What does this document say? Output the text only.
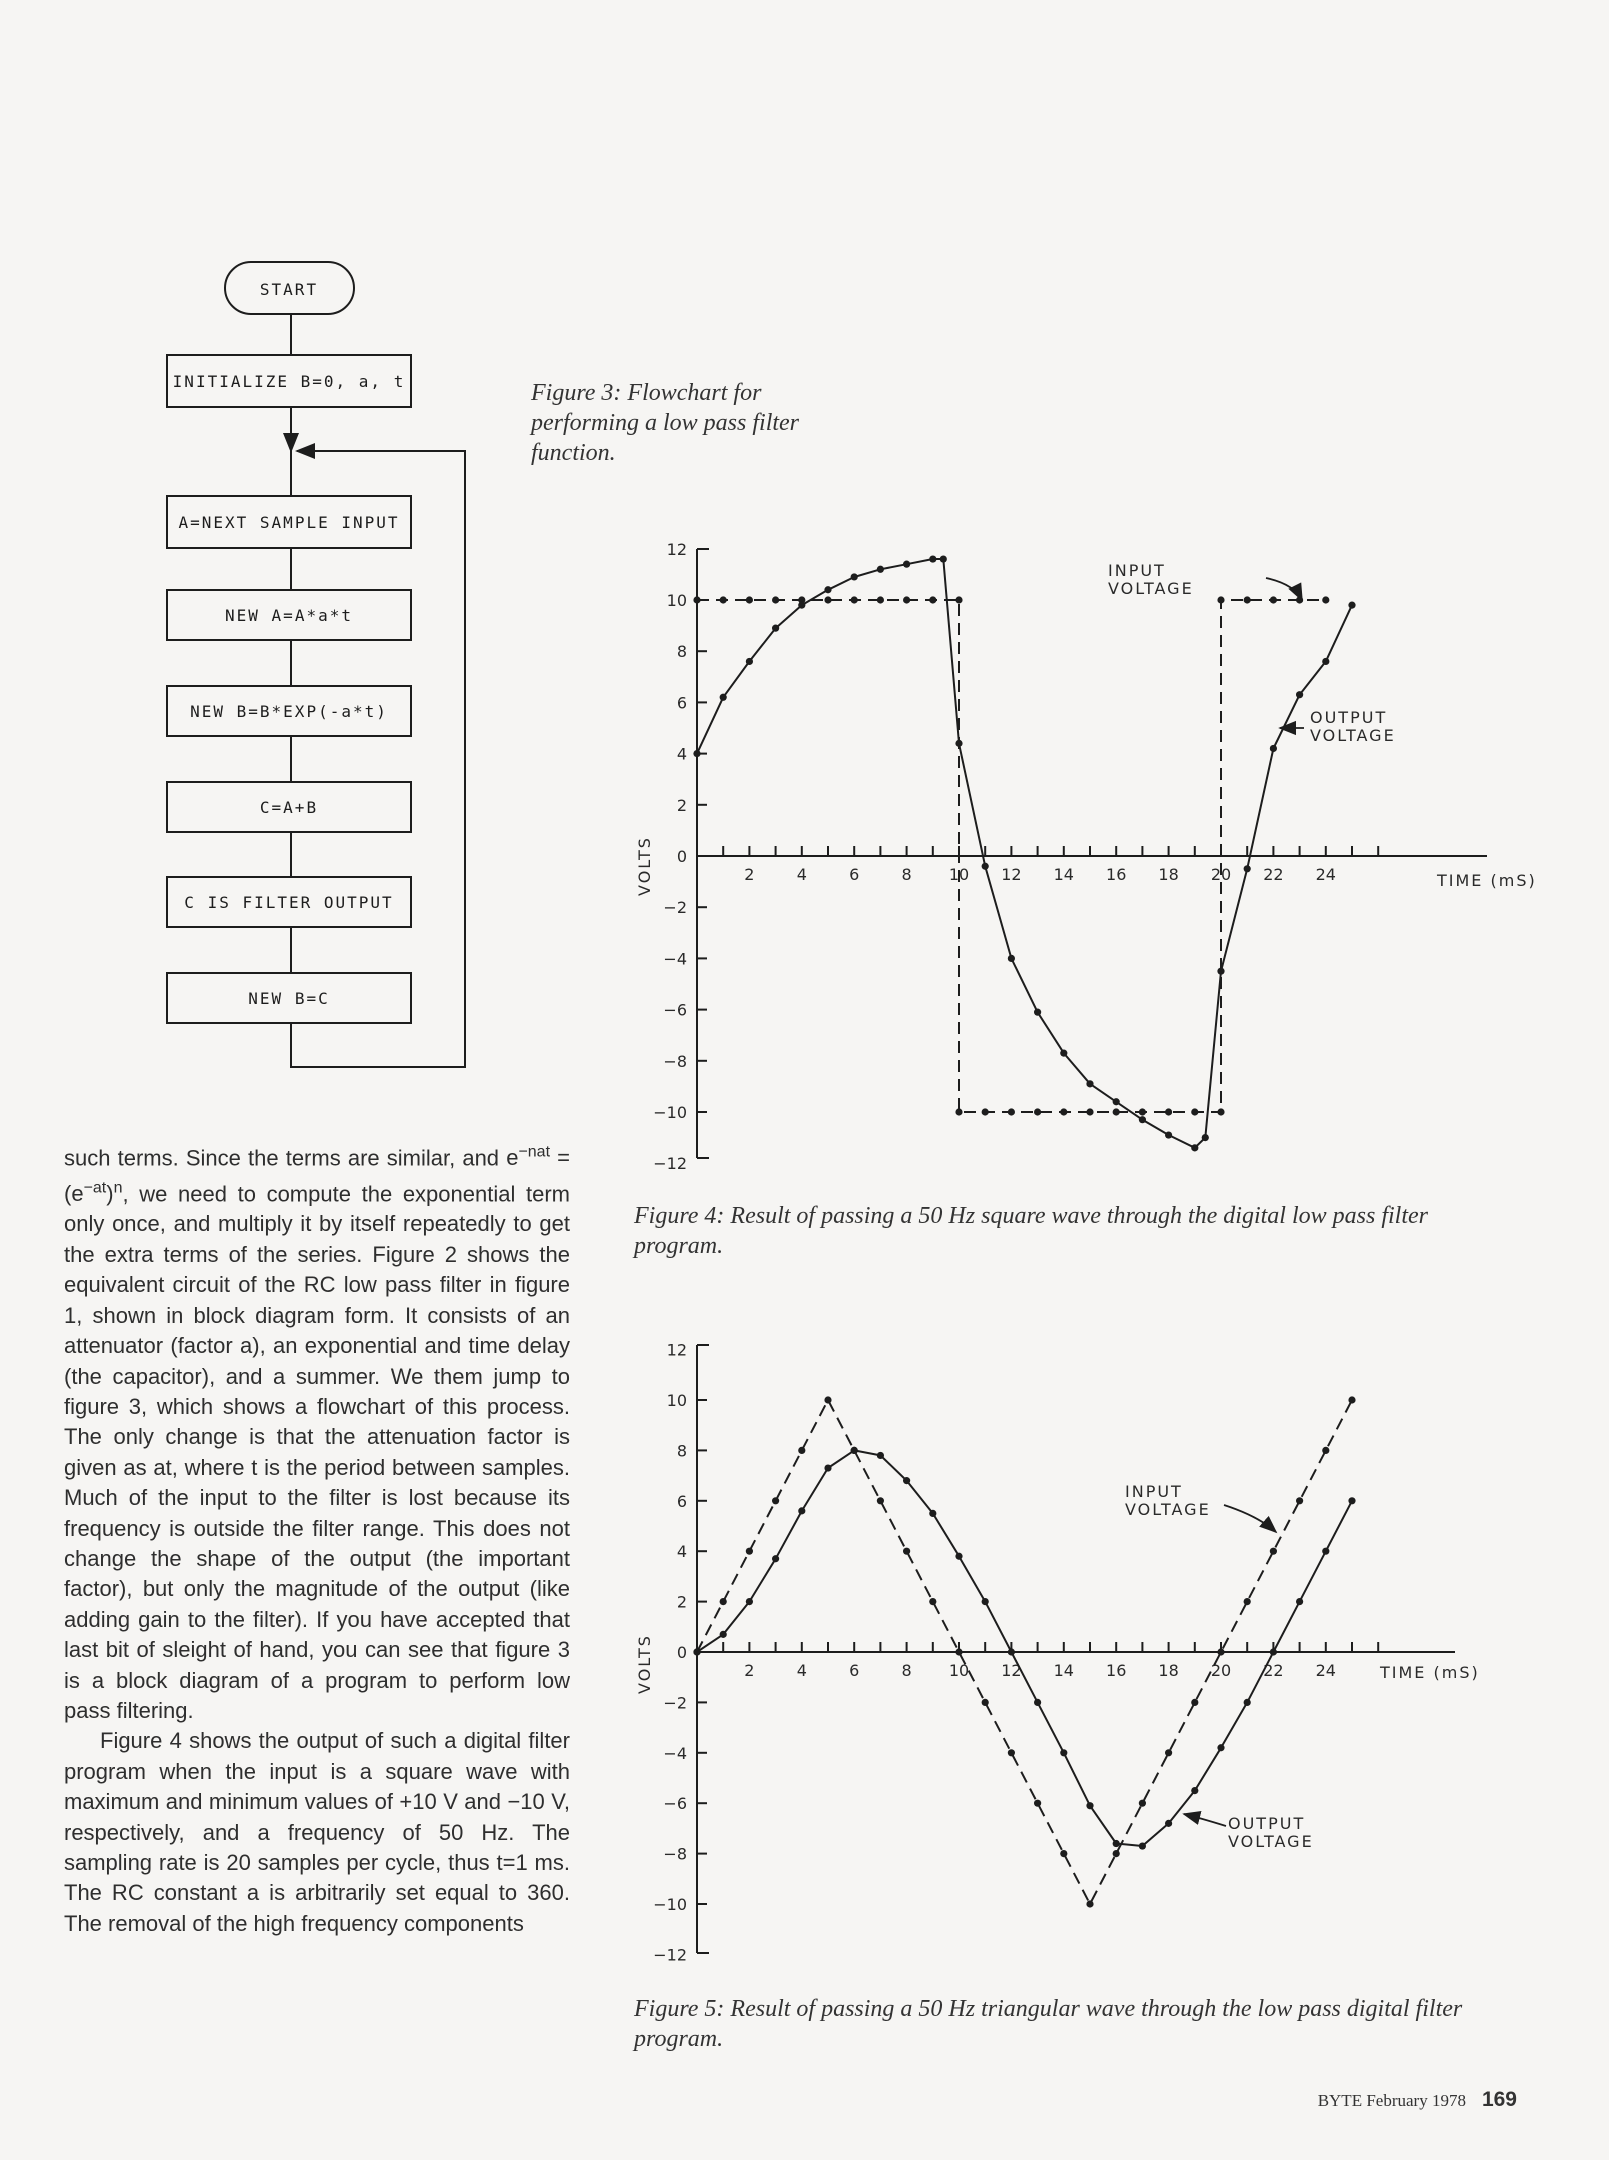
START
INITIALIZE B=0, a, t
A=NEXT SAMPLE INPUT
NEW A=A*a*t
NEW B=B*EXP(-a*t)
C=A+B
C IS FILTER OUTPUT
NEW B=C
12
10
8
6
4
2
0
−2
−4
−6
−8
−10
−12
2	4	6	8 10 12 14 16 18 20 22 24	TIME (mS)
VOLTS
INPUT VOLTAGE
OUTPUT VOLTAGE
12
10
8
6
4
2
0
−2
−4
−6
−8
−10
−12
2	4	6	8 10 12 14 16 18 20 22 24	TIME (mS)
VOLTS
INPUT VOLTAGE
OUTPUT VOLTAGE
Figure 3: Flowchart for performing a low pass filter function.
Figure 4: Result of passing a 50 Hz square wave through the digital low pass filter program.
Figure 5: Result of passing a 50 Hz triangular wave through the low pass digital filter program.

such terms. Since the terms are similar, and $e^{-nat} = (e^{-at})^n$, we need to compute the exponential term only once, and multiply it by itself repeatedly to get the extra terms of the series. Figure 2 shows the equivalent circuit of the RC low pass filter in figure 1, shown in block diagram form. It consists of an attenuator (factor a), an exponential and time delay (the capacitor), and a summer. We them jump to figure 3, which shows a flowchart of this process. The only change is that the attenuation factor is given as at, where t is the period between samples. Much of the input to the filter is lost because its frequency is outside the filter range. This does not change the shape of the output (the important factor), but only the magnitude of the output (like adding gain to the filter). If you have accepted that last bit of sleight of hand, you can see that figure 3 is a block diagram of a program to perform low pass filtering.

Figure 4 shows the output of such a digital filter program when the input is a square wave with maximum and minimum values of +10 V and −10 V, respectively, and a frequency of 50 Hz. The sampling rate is 20 samples per cycle, thus t=1 ms. The RC constant a is arbitrarily set equal to 360. The removal of the high frequency components

BYTE February 1978 169
